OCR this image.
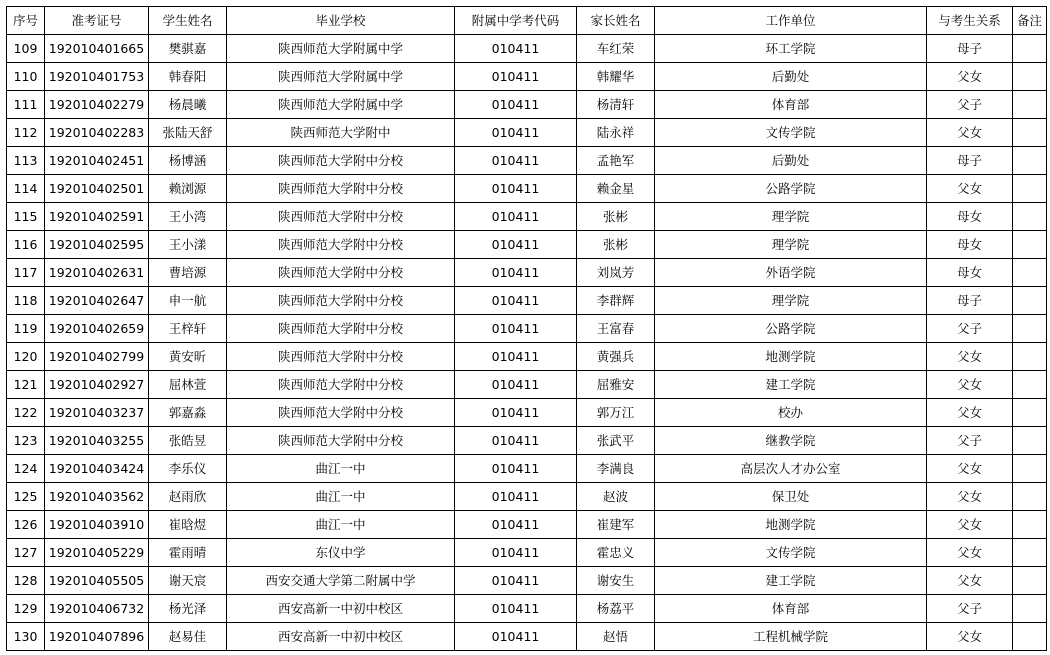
序号	准考证号	学生姓名	毕业学校	附属中学考代码	家长姓名	工作单位	与考生关系	备注
109	192010401665	樊骐嘉	陕西师范大学附属中学	010411	车红荣	环工学院	母子	
110	192010401753	韩春阳	陕西师范大学附属中学	010411	韩耀华	后勤处	父女	
111	192010402279	杨晨曦	陕西师范大学附属中学	010411	杨清轩	体育部	父子	
112	192010402283	张陆天舒	陕西师范大学附中	010411	陆永祥	文传学院	父女	
113	192010402451	杨博涵	陕西师范大学附中分校	010411	孟艳军	后勤处	母子	
114	192010402501	赖浏源	陕西师范大学附中分校	010411	赖金星	公路学院	父女	
115	192010402591	王小湾	陕西师范大学附中分校	010411	张彬	理学院	母女	
116	192010402595	王小漾	陕西师范大学附中分校	010411	张彬	理学院	母女	
117	192010402631	曹培源	陕西师范大学附中分校	010411	刘岚芳	外语学院	母女	
118	192010402647	申一航	陕西师范大学附中分校	010411	李群辉	理学院	母子	
119	192010402659	王梓轩	陕西师范大学附中分校	010411	王富春	公路学院	父子	
120	192010402799	黄安昕	陕西师范大学附中分校	010411	黄强兵	地测学院	父女	
121	192010402927	屈林萱	陕西师范大学附中分校	010411	屈雅安	建工学院	父女	
122	192010403237	郭嘉淼	陕西师范大学附中分校	010411	郭万江	校办	父女	
123	192010403255	张皓昱	陕西师范大学附中分校	010411	张武平	继教学院	父子	
124	192010403424	李乐仪	曲江一中	010411	李满良	高层次人才办公室	父女	
125	192010403562	赵雨欣	曲江一中	010411	赵波	保卫处	父女	
126	192010403910	崔晗煜	曲江一中	010411	崔建军	地测学院	父女	
127	192010405229	霍雨晴	东仪中学	010411	霍忠义	文传学院	父女	
128	192010405505	谢天宸	西安交通大学第二附属中学	010411	谢安生	建工学院	父女	
129	192010406732	杨光泽	西安高新一中初中校区	010411	杨荔平	体育部	父子	
130	192010407896	赵易佳	西安高新一中初中校区	010411	赵悟	工程机械学院	父女	
